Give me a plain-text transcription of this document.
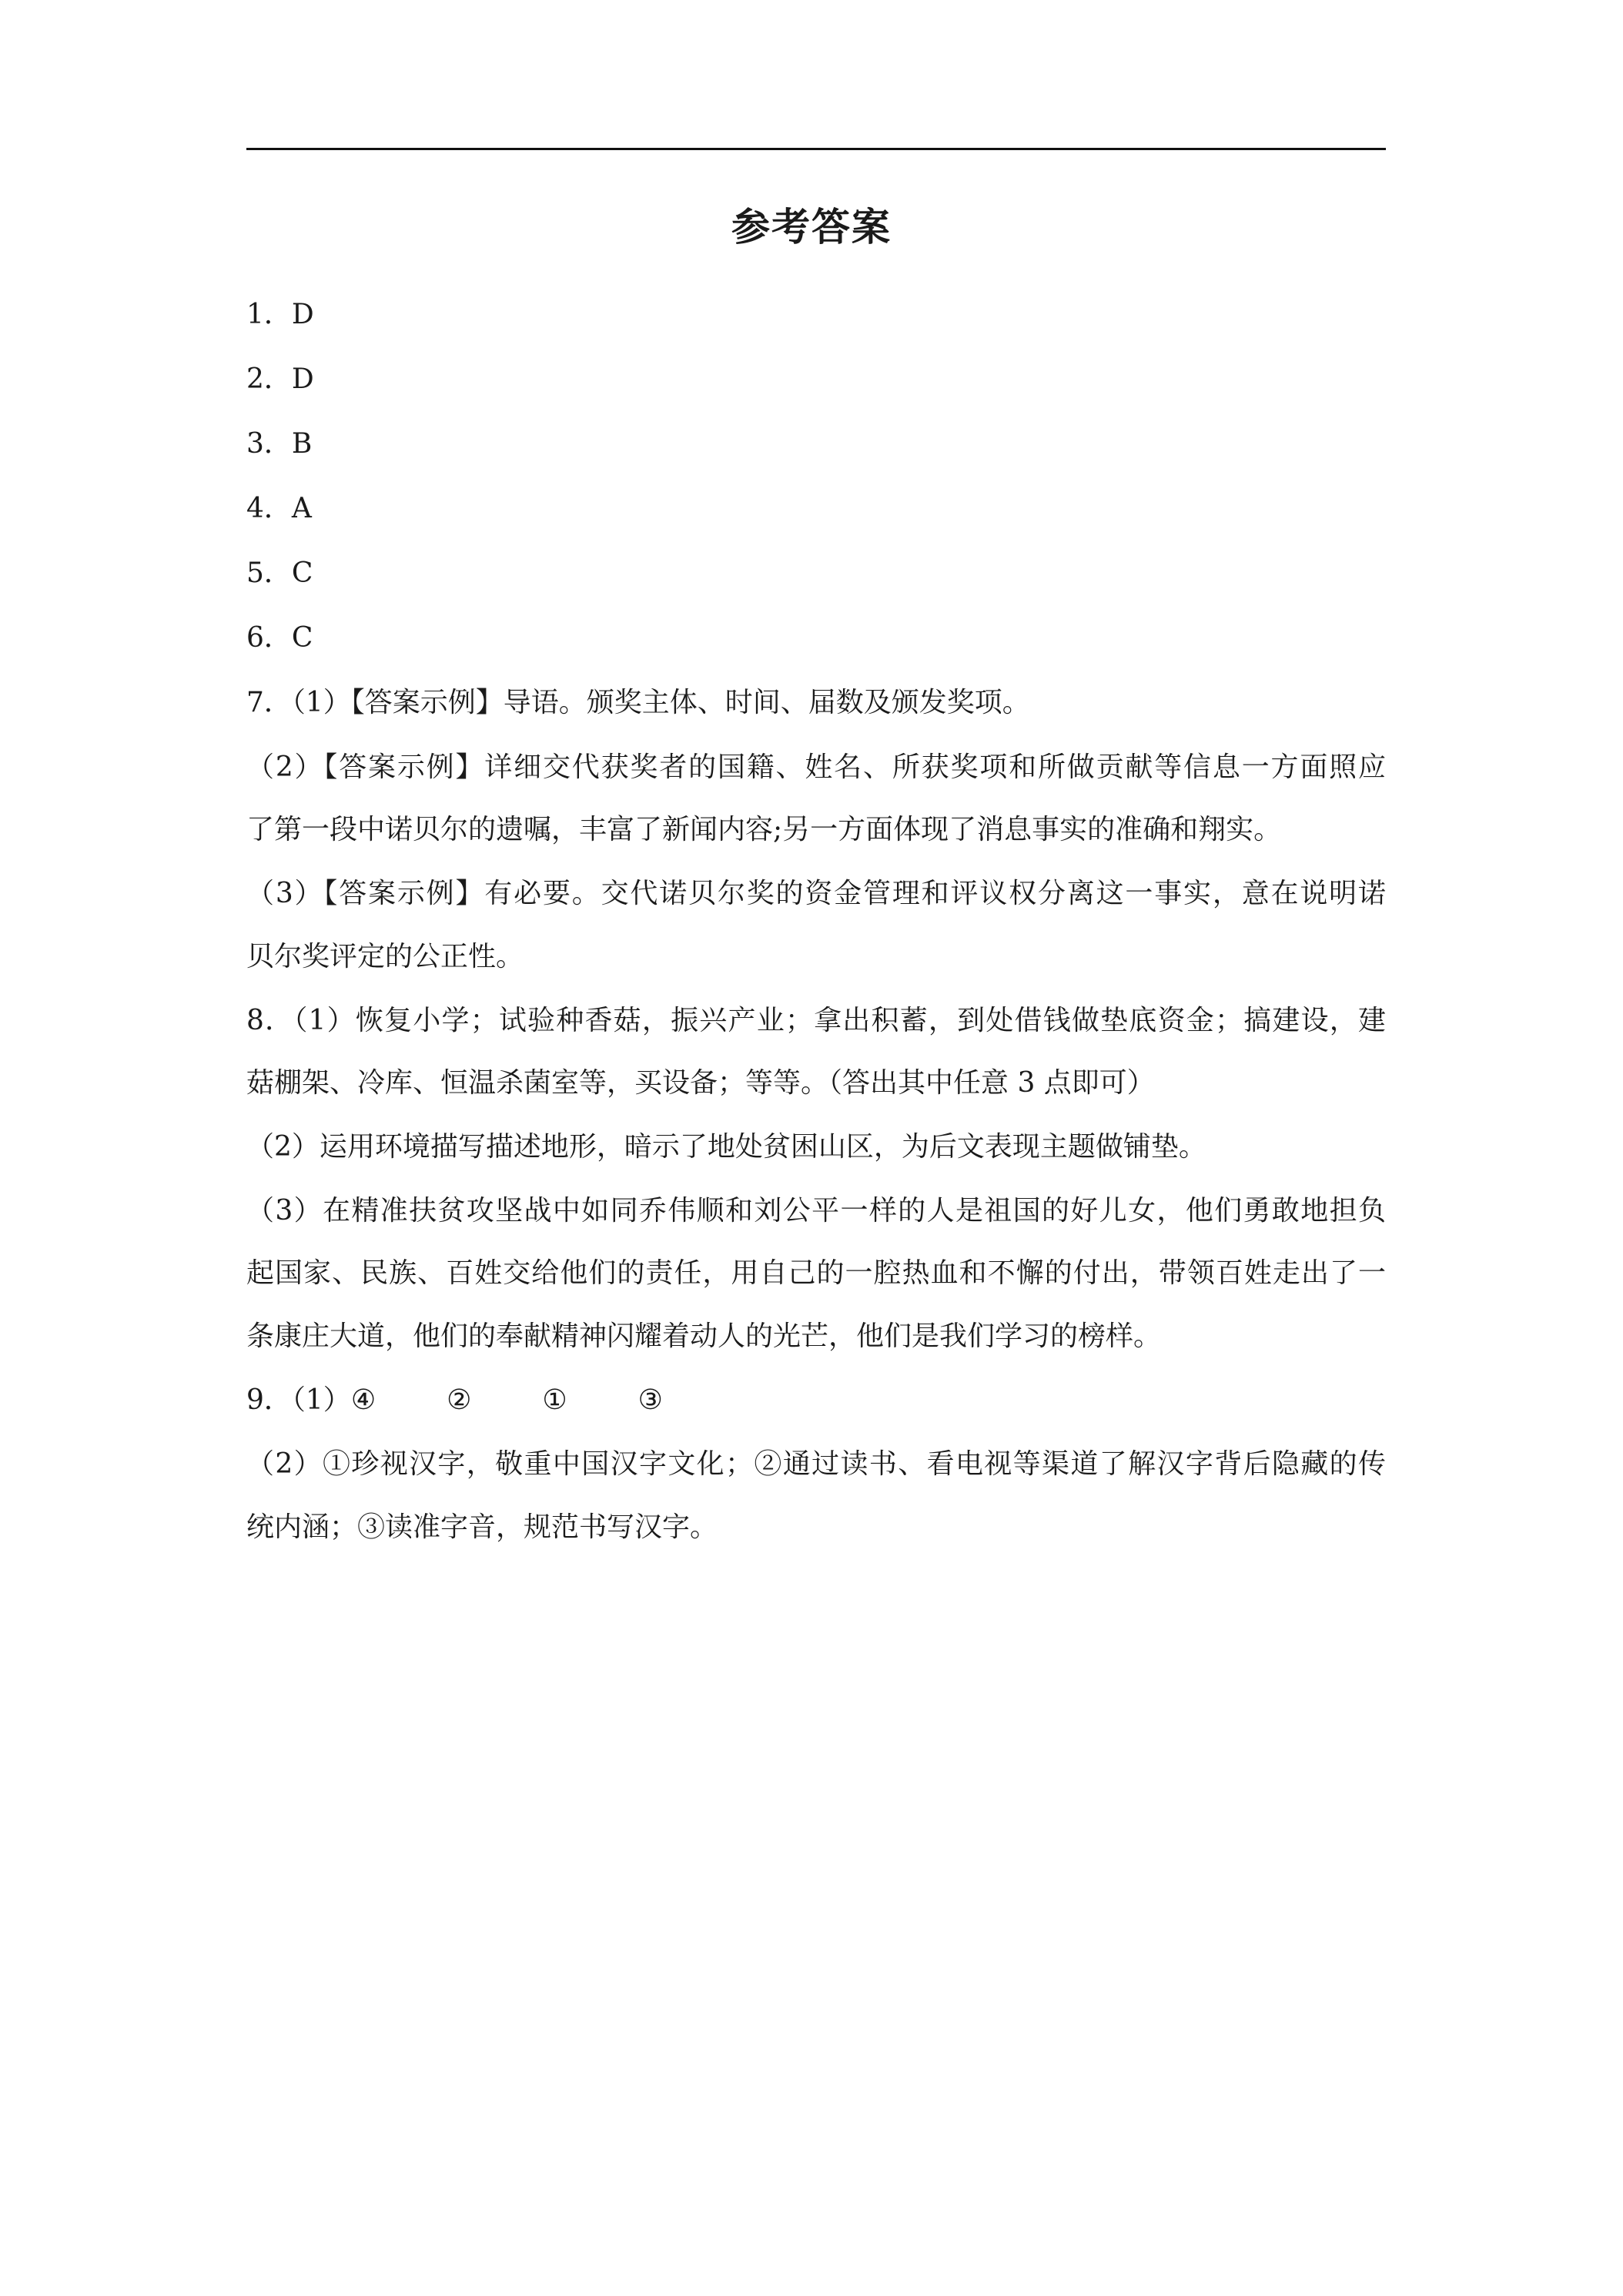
参考答案
1．D
2．D
3．B
4．A
5．C
6．C
7．（1）【答案示例】导语。颁奖主体、时间、届数及颁发奖项。
（2）【答案示例】详细交代获奖者的国籍、姓名、所获奖项和所做贡献等信息一方面照应
了第一段中诺贝尔的遗嘱，丰富了新闻内容;另一方面体现了消息事实的准确和翔实。
（3）【答案示例】有必要。交代诺贝尔奖的资金管理和评议权分离这一事实，意在说明诺
贝尔奖评定的公正性。
8．（1）恢复小学；试验种香菇，振兴产业；拿出积蓄，到处借钱做垫底资金；搞建设，建
菇棚架、冷库、恒温杀菌室等，买设备；等等。（答出其中任意 3 点即可）
（2）运用环境描写描述地形，暗示了地处贫困山区，为后文表现主题做铺垫。
（3）在精准扶贫攻坚战中如同乔伟顺和刘公平一样的人是祖国的好儿女，他们勇敢地担负
起国家、民族、百姓交给他们的责任，用自己的一腔热血和不懈的付出，带领百姓走出了一
条康庄大道，他们的奉献精神闪耀着动人的光芒，他们是我们学习的榜样。
9．（1）④	②	①	③
（2）①珍视汉字，敬重中国汉字文化；②通过读书、看电视等渠道了解汉字背后隐藏的传
统内涵；③读准字音，规范书写汉字。
